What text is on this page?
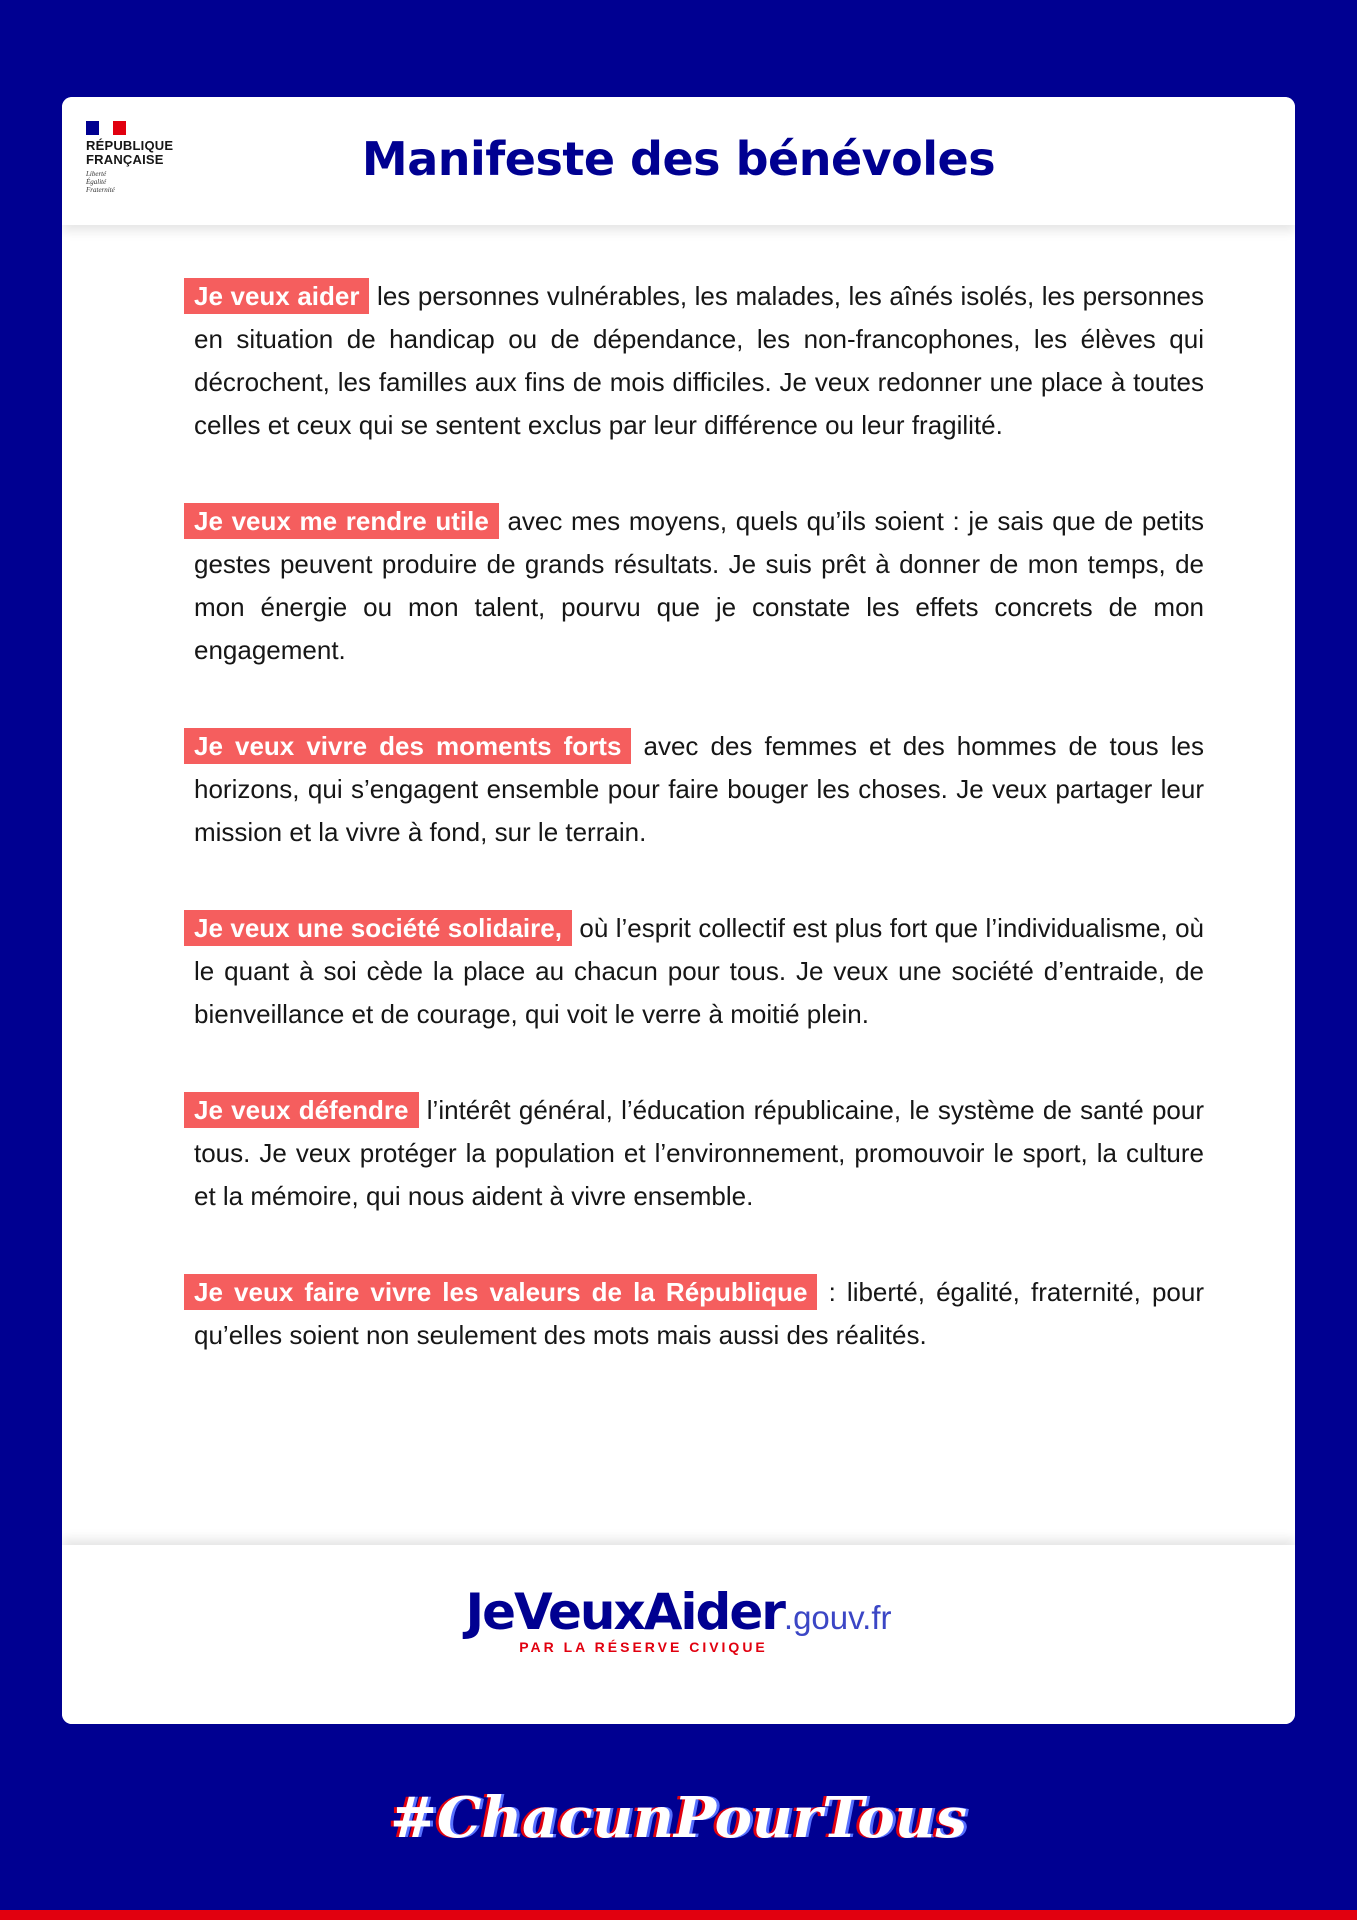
RÉPUBLIQUE
FRANÇAISE
Liberté
Égalité
Fraternité
Manifeste des bénévoles

Je veux aider les personnes vulnérables, les malades, les aînés isolés, les personnes en situation de handicap ou de dépendance, les non-francophones, les élèves qui décrochent, les familles aux fins de mois difficiles. Je veux redonner une place à toutes celles et ceux qui se sentent exclus par leur différence ou leur fragilité.

Je veux me rendre utile avec mes moyens, quels qu’ils soient : je sais que de petits gestes peuvent produire de grands résultats. Je suis prêt à donner de mon temps, de mon énergie ou mon talent, pourvu que je constate les effets concrets de mon engagement.

Je veux vivre des moments forts avec des femmes et des hommes de tous les horizons, qui s’engagent ensemble pour faire bouger les choses. Je veux partager leur mission et la vivre à fond, sur le terrain.

Je veux une société solidaire, où l’esprit collectif est plus fort que l’individualisme, où le quant à soi cède la place au chacun pour tous. Je veux une société d’entraide, de bienveillance et de courage, qui voit le verre à moitié plein.

Je veux défendre l’intérêt général, l’éducation républicaine, le système de santé pour tous. Je veux protéger la population et l’environnement, promouvoir le sport, la culture et la mémoire, qui nous aident à vivre ensemble.

Je veux faire vivre les valeurs de la République : liberté, égalité, fraternité, pour qu’elles soient non seulement des mots mais aussi des réalités.

JeVeuxAider.gouv.fr
PAR LA RÉSERVE CIVIQUE
#ChacunPourTous
